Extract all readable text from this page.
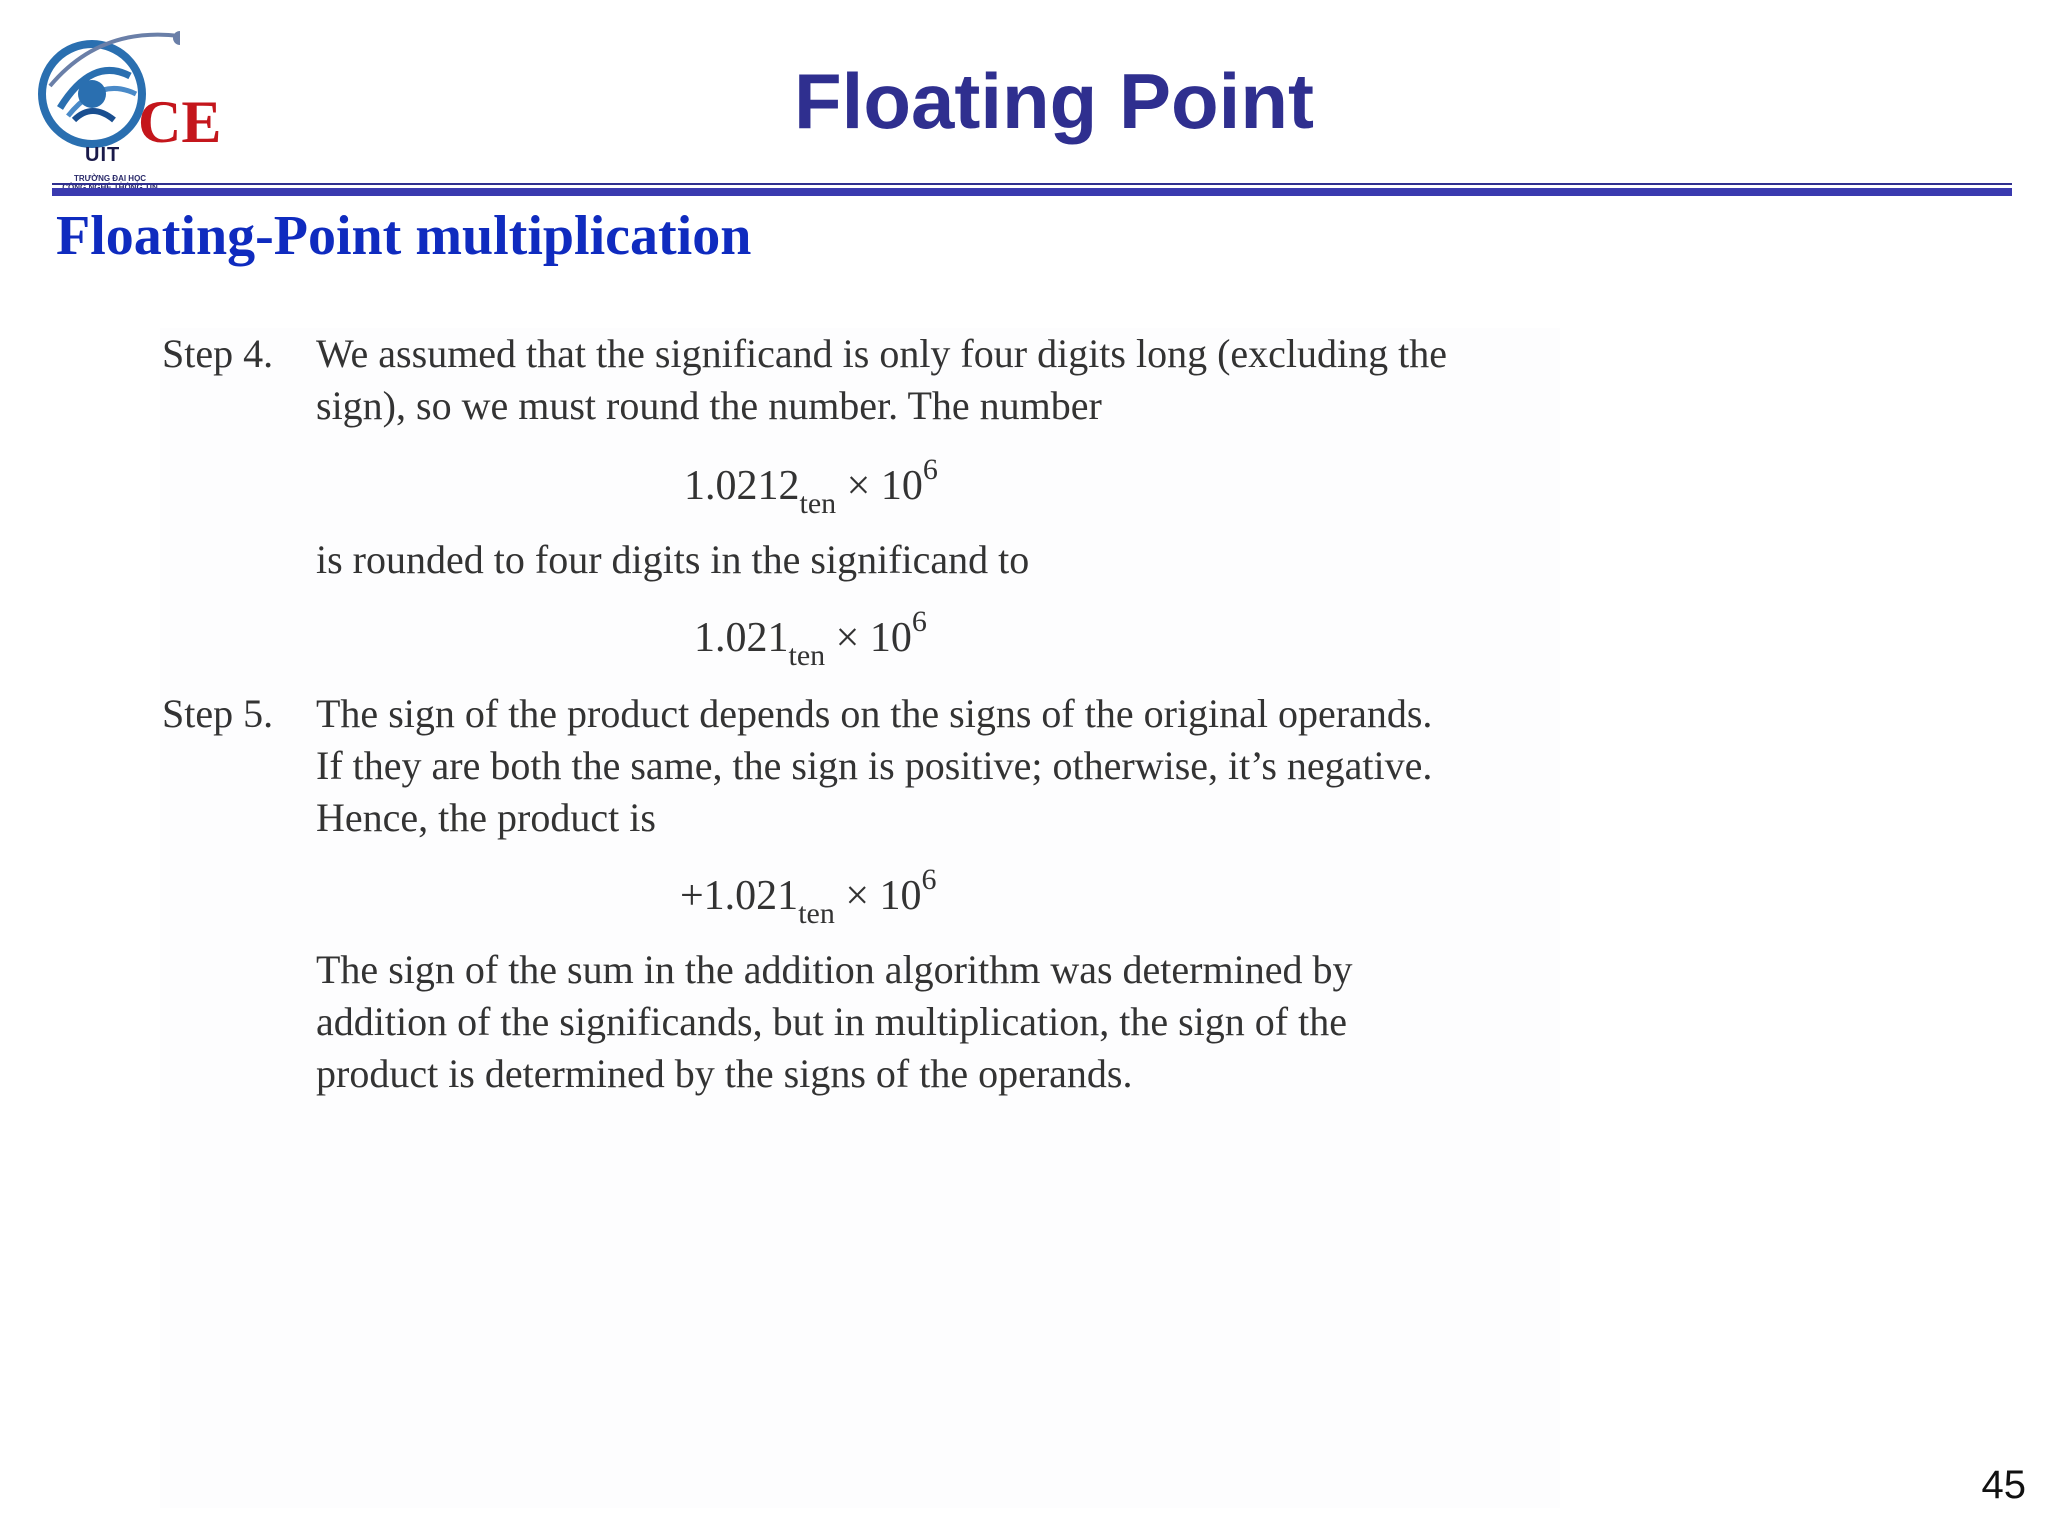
CE
UIT
TRƯỜNG ĐẠI HỌC
Floating Point
Floating-Point multiplication
Step 4. We assumed that the significand is only four digits long (excluding the
sign), so we must round the number. The number
$1.0212_{ten} \times 10^6$
is rounded to four digits in the significand to
$1.021_{ten} \times 10^6$
Step 5. The sign of the product depends on the signs of the original operands.
If they are both the same, the sign is positive; otherwise, it’s negative.
Hence, the product is
$+1.021_{ten} \times 10^6$
The sign of the sum in the addition algorithm was determined by
addition of the significands, but in multiplication, the sign of the
product is determined by the signs of the operands.
45
